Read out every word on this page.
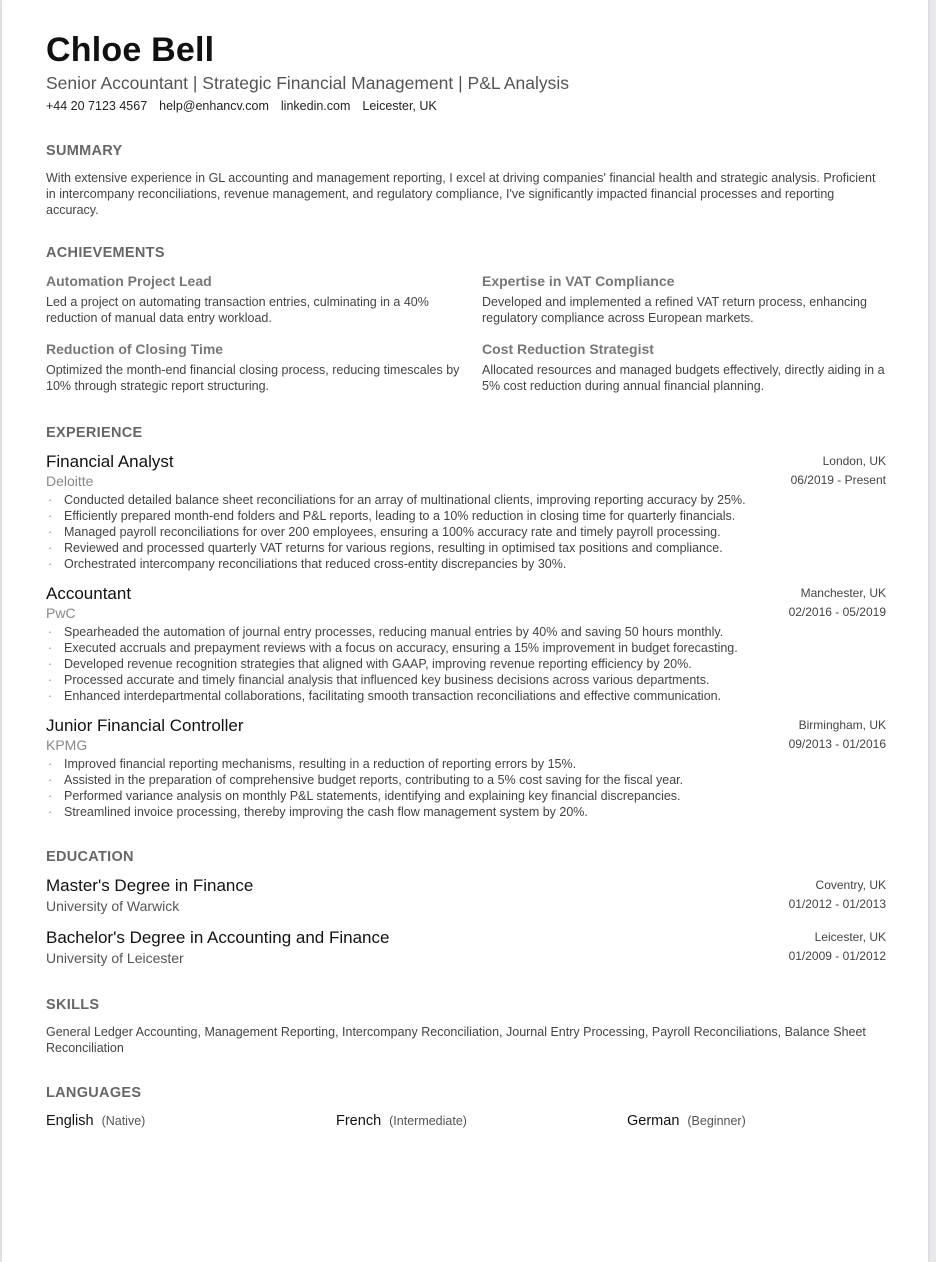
Chloe Bell
Senior Accountant | Strategic Financial Management | P&L Analysis
+44 20 7123 4567 help@enhancv.com linkedin.com Leicester, UK
SUMMARY
With extensive experience in GL accounting and management reporting, I excel at driving companies' financial health and strategic analysis. Proficient in intercompany reconciliations, revenue management, and regulatory compliance, I've significantly impacted financial processes and reporting accuracy.
ACHIEVEMENTS
Automation Project Lead
Led a project on automating transaction entries, culminating in a 40% reduction of manual data entry workload.
Expertise in VAT Compliance
Developed and implemented a refined VAT return process, enhancing regulatory compliance across European markets.
Reduction of Closing Time
Optimized the month-end financial closing process, reducing timescales by 10% through strategic report structuring.
Cost Reduction Strategist
Allocated resources and managed budgets effectively, directly aiding in a 5% cost reduction during annual financial planning.
EXPERIENCE
Financial Analyst
Deloitte
London, UK
06/2019 - Present
· Conducted detailed balance sheet reconciliations for an array of multinational clients, improving reporting accuracy by 25%.
· Efficiently prepared month-end folders and P&L reports, leading to a 10% reduction in closing time for quarterly financials.
· Managed payroll reconciliations for over 200 employees, ensuring a 100% accuracy rate and timely payroll processing.
· Reviewed and processed quarterly VAT returns for various regions, resulting in optimised tax positions and compliance.
· Orchestrated intercompany reconciliations that reduced cross-entity discrepancies by 30%.
Accountant
PwC
Manchester, UK
02/2016 - 05/2019
· Spearheaded the automation of journal entry processes, reducing manual entries by 40% and saving 50 hours monthly.
· Executed accruals and prepayment reviews with a focus on accuracy, ensuring a 15% improvement in budget forecasting.
· Developed revenue recognition strategies that aligned with GAAP, improving revenue reporting efficiency by 20%.
· Processed accurate and timely financial analysis that influenced key business decisions across various departments.
· Enhanced interdepartmental collaborations, facilitating smooth transaction reconciliations and effective communication.
Junior Financial Controller
KPMG
Birmingham, UK
09/2013 - 01/2016
· Improved financial reporting mechanisms, resulting in a reduction of reporting errors by 15%.
· Assisted in the preparation of comprehensive budget reports, contributing to a 5% cost saving for the fiscal year.
· Performed variance analysis on monthly P&L statements, identifying and explaining key financial discrepancies.
· Streamlined invoice processing, thereby improving the cash flow management system by 20%.
EDUCATION
Master's Degree in Finance
University of Warwick
Coventry, UK
01/2012 - 01/2013
Bachelor's Degree in Accounting and Finance
University of Leicester
Leicester, UK
01/2009 - 01/2012
SKILLS
General Ledger Accounting, Management Reporting, Intercompany Reconciliation, Journal Entry Processing, Payroll Reconciliations, Balance Sheet Reconciliation
LANGUAGES
English (Native)	French (Intermediate)	German (Beginner)
